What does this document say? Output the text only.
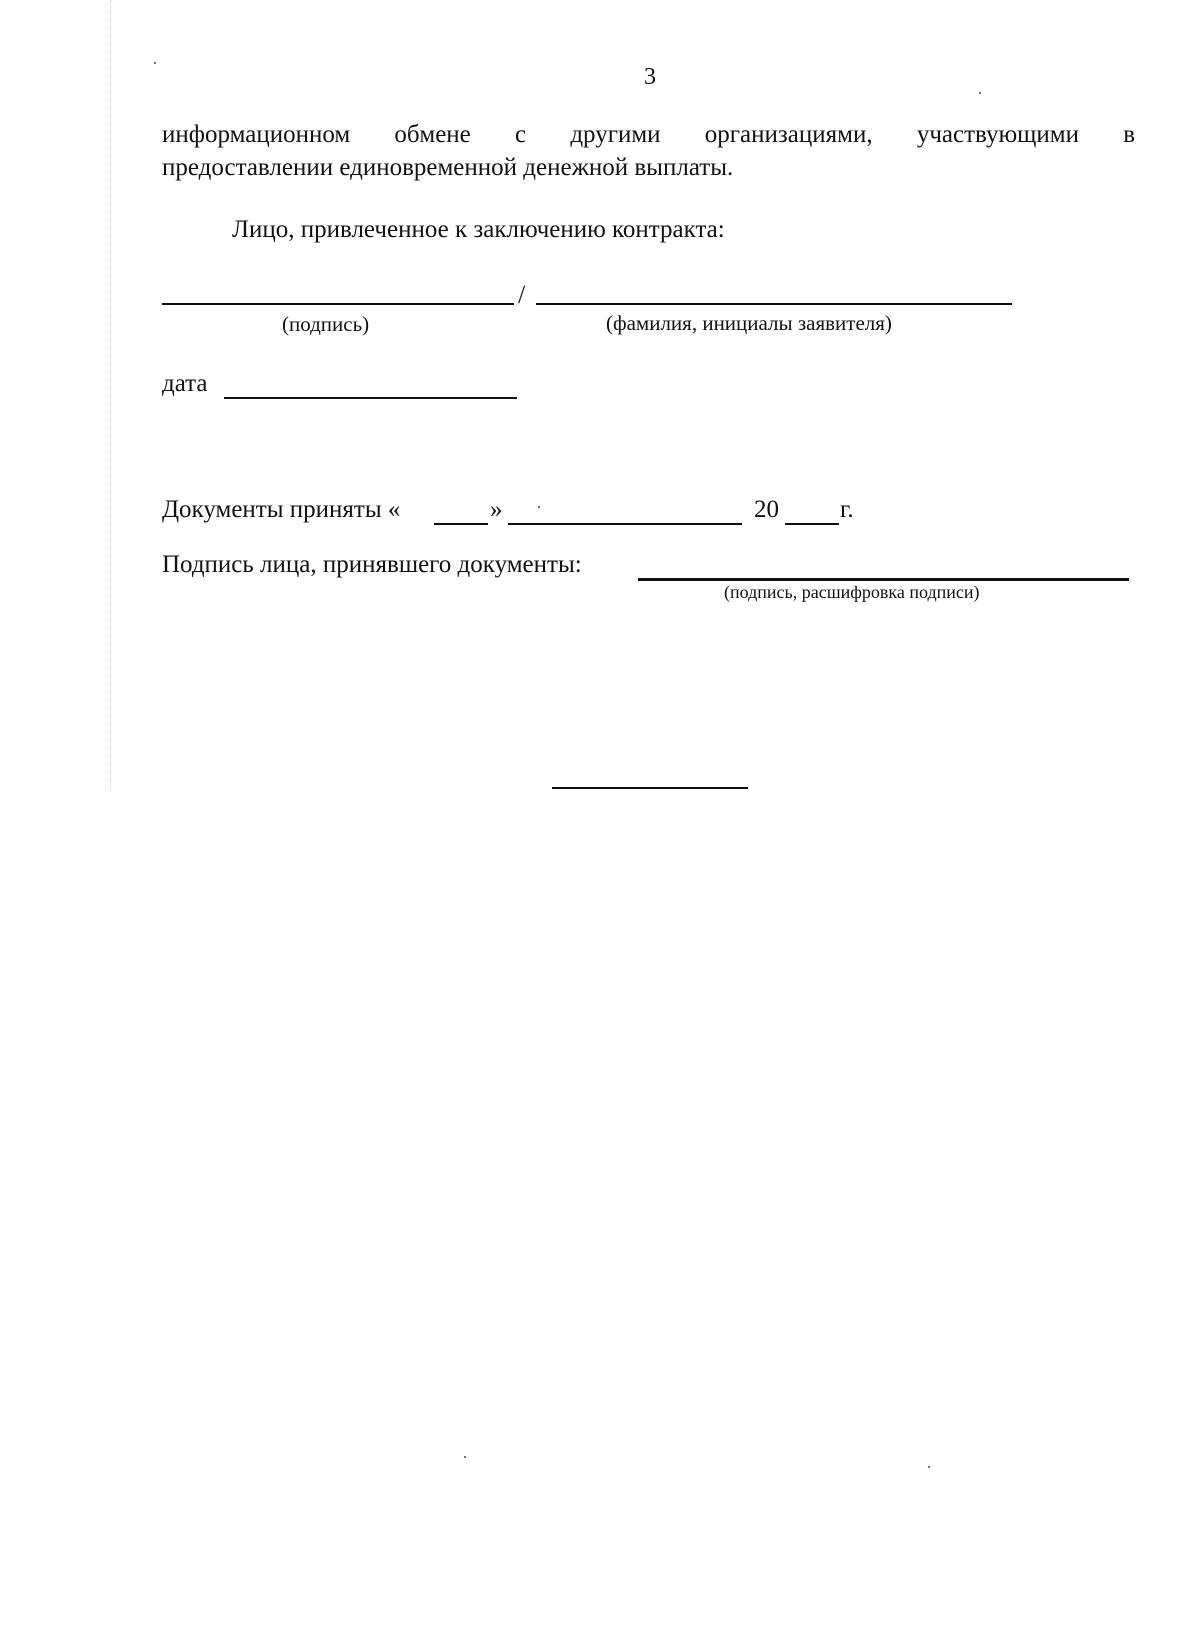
3
информационном обмене с другими организациями, участвующими в
предоставлении единовременной денежной выплаты.
Лицо, привлеченное к заключению контракта:
/
(подпись)	(фамилия, инициалы заявителя)
дата
Документы приняты «	»	20 г.
Подпись лица, принявшего документы:
(подпись, расшифровка подписи)
